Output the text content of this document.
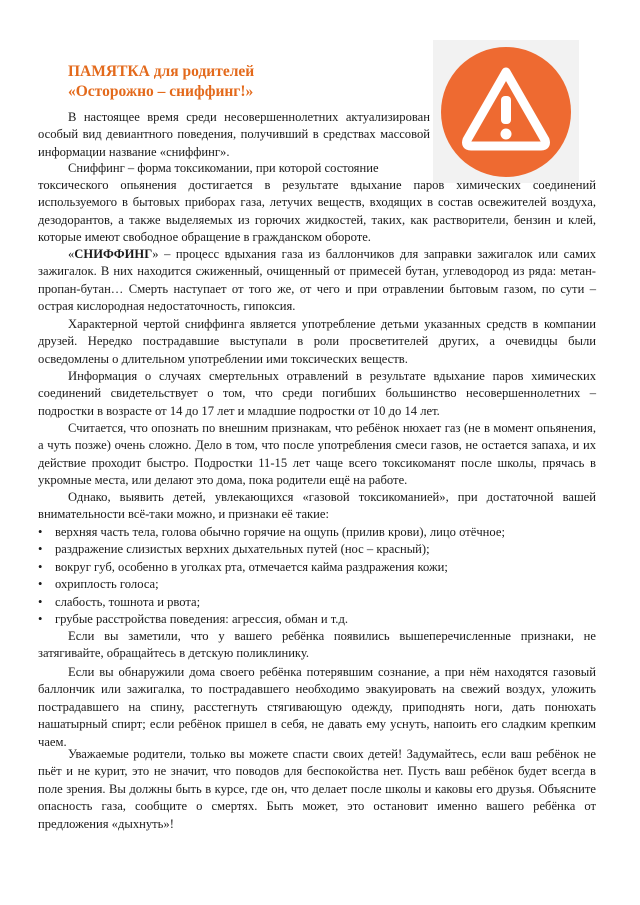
ПАМЯТКА для родителей
«Осторожно – сниффинг!»

В настоящее время среди несовершеннолетних актуализирован особый вид девиантного поведения, получивший в средствах массовой информации название «сниффинг».

Сниффинг – форма токсикомании, при которой состояние

токсического опьянения достигается в результате вдыхание паров химических соединений используемого в бытовых приборах газа, летучих веществ, входящих в состав освежителей воздуха, дезодорантов, а также выделяемых из горючих жидкостей, таких, как растворители, бензин и клей, которые имеют свободное обращение в гражданском обороте.

«СНИФФИНГ» – процесс вдыхания газа из баллончиков для заправки зажигалок или самих зажигалок. В них находится сжиженный, очищенный от примесей бутан, углеводород из ряда: метан-пропан-бутан… Смерть наступает от того же, от чего и при отравлении бытовым газом, по сути – острая кислородная недостаточность, гипоксия.

Характерной чертой сниффинга является употребление детьми указанных средств в компании друзей. Нередко пострадавшие выступали в роли просветителей других, а очевидцы были осведомлены о длительном употреблении ими токсических веществ.

Информация о случаях смертельных отравлений в результате вдыхание паров химических соединений свидетельствует о том, что среди погибших большинство несовершеннолетних – подростки в возрасте от 14 до 17 лет и младшие подростки от 10 до 14 лет.

Считается, что опознать по внешним признакам, что ребёнок нюхает газ (не в момент опьянения, а чуть позже) очень сложно. Дело в том, что после употребления смеси газов, не остается запаха, и их действие проходит быстро. Подростки 11-15 лет чаще всего токсикоманят после школы, прячась в укромные места, или делают это дома, пока родители ещё на работе.

Однако, выявить детей, увлекающихся «газовой токсикоманией», при достаточной вашей внимательности всё-таки можно, и признаки её такие:

• верхняя часть тела, голова обычно горячие на ощупь (прилив крови), лицо отёчное;
• раздражение слизистых верхних дыхательных путей (нос – красный);
• вокруг губ, особенно в уголках рта, отмечается кайма раздражения кожи;
• охриплость голоса;
• слабость, тошнота и рвота;
• грубые расстройства поведения: агрессия, обман и т.д.

Если вы заметили, что у вашего ребёнка появились вышеперечисленные признаки, не затягивайте, обращайтесь в детскую поликлинику.

Если вы обнаружили дома своего ребёнка потерявшим сознание, а при нём находятся газовый баллончик или зажигалка, то пострадавшего необходимо эвакуировать на свежий воздух, уложить пострадавшего на спину, расстегнуть стягивающую одежду, приподнять ноги, дать понюхать нашатырный спирт; если ребёнок пришел в себя, не давать ему уснуть, напоить его сладким крепким чаем.

Уважаемые родители, только вы можете спасти своих детей! Задумайтесь, если ваш ребёнок не пьёт и не курит, это не значит, что поводов для беспокойства нет. Пусть ваш ребёнок будет всегда в поле зрения. Вы должны быть в курсе, где он, что делает после школы и каковы его друзья. Объясните опасность газа, сообщите о смертях. Быть может, это остановит именно вашего ребёнка от предложения «дыхнуть»!
